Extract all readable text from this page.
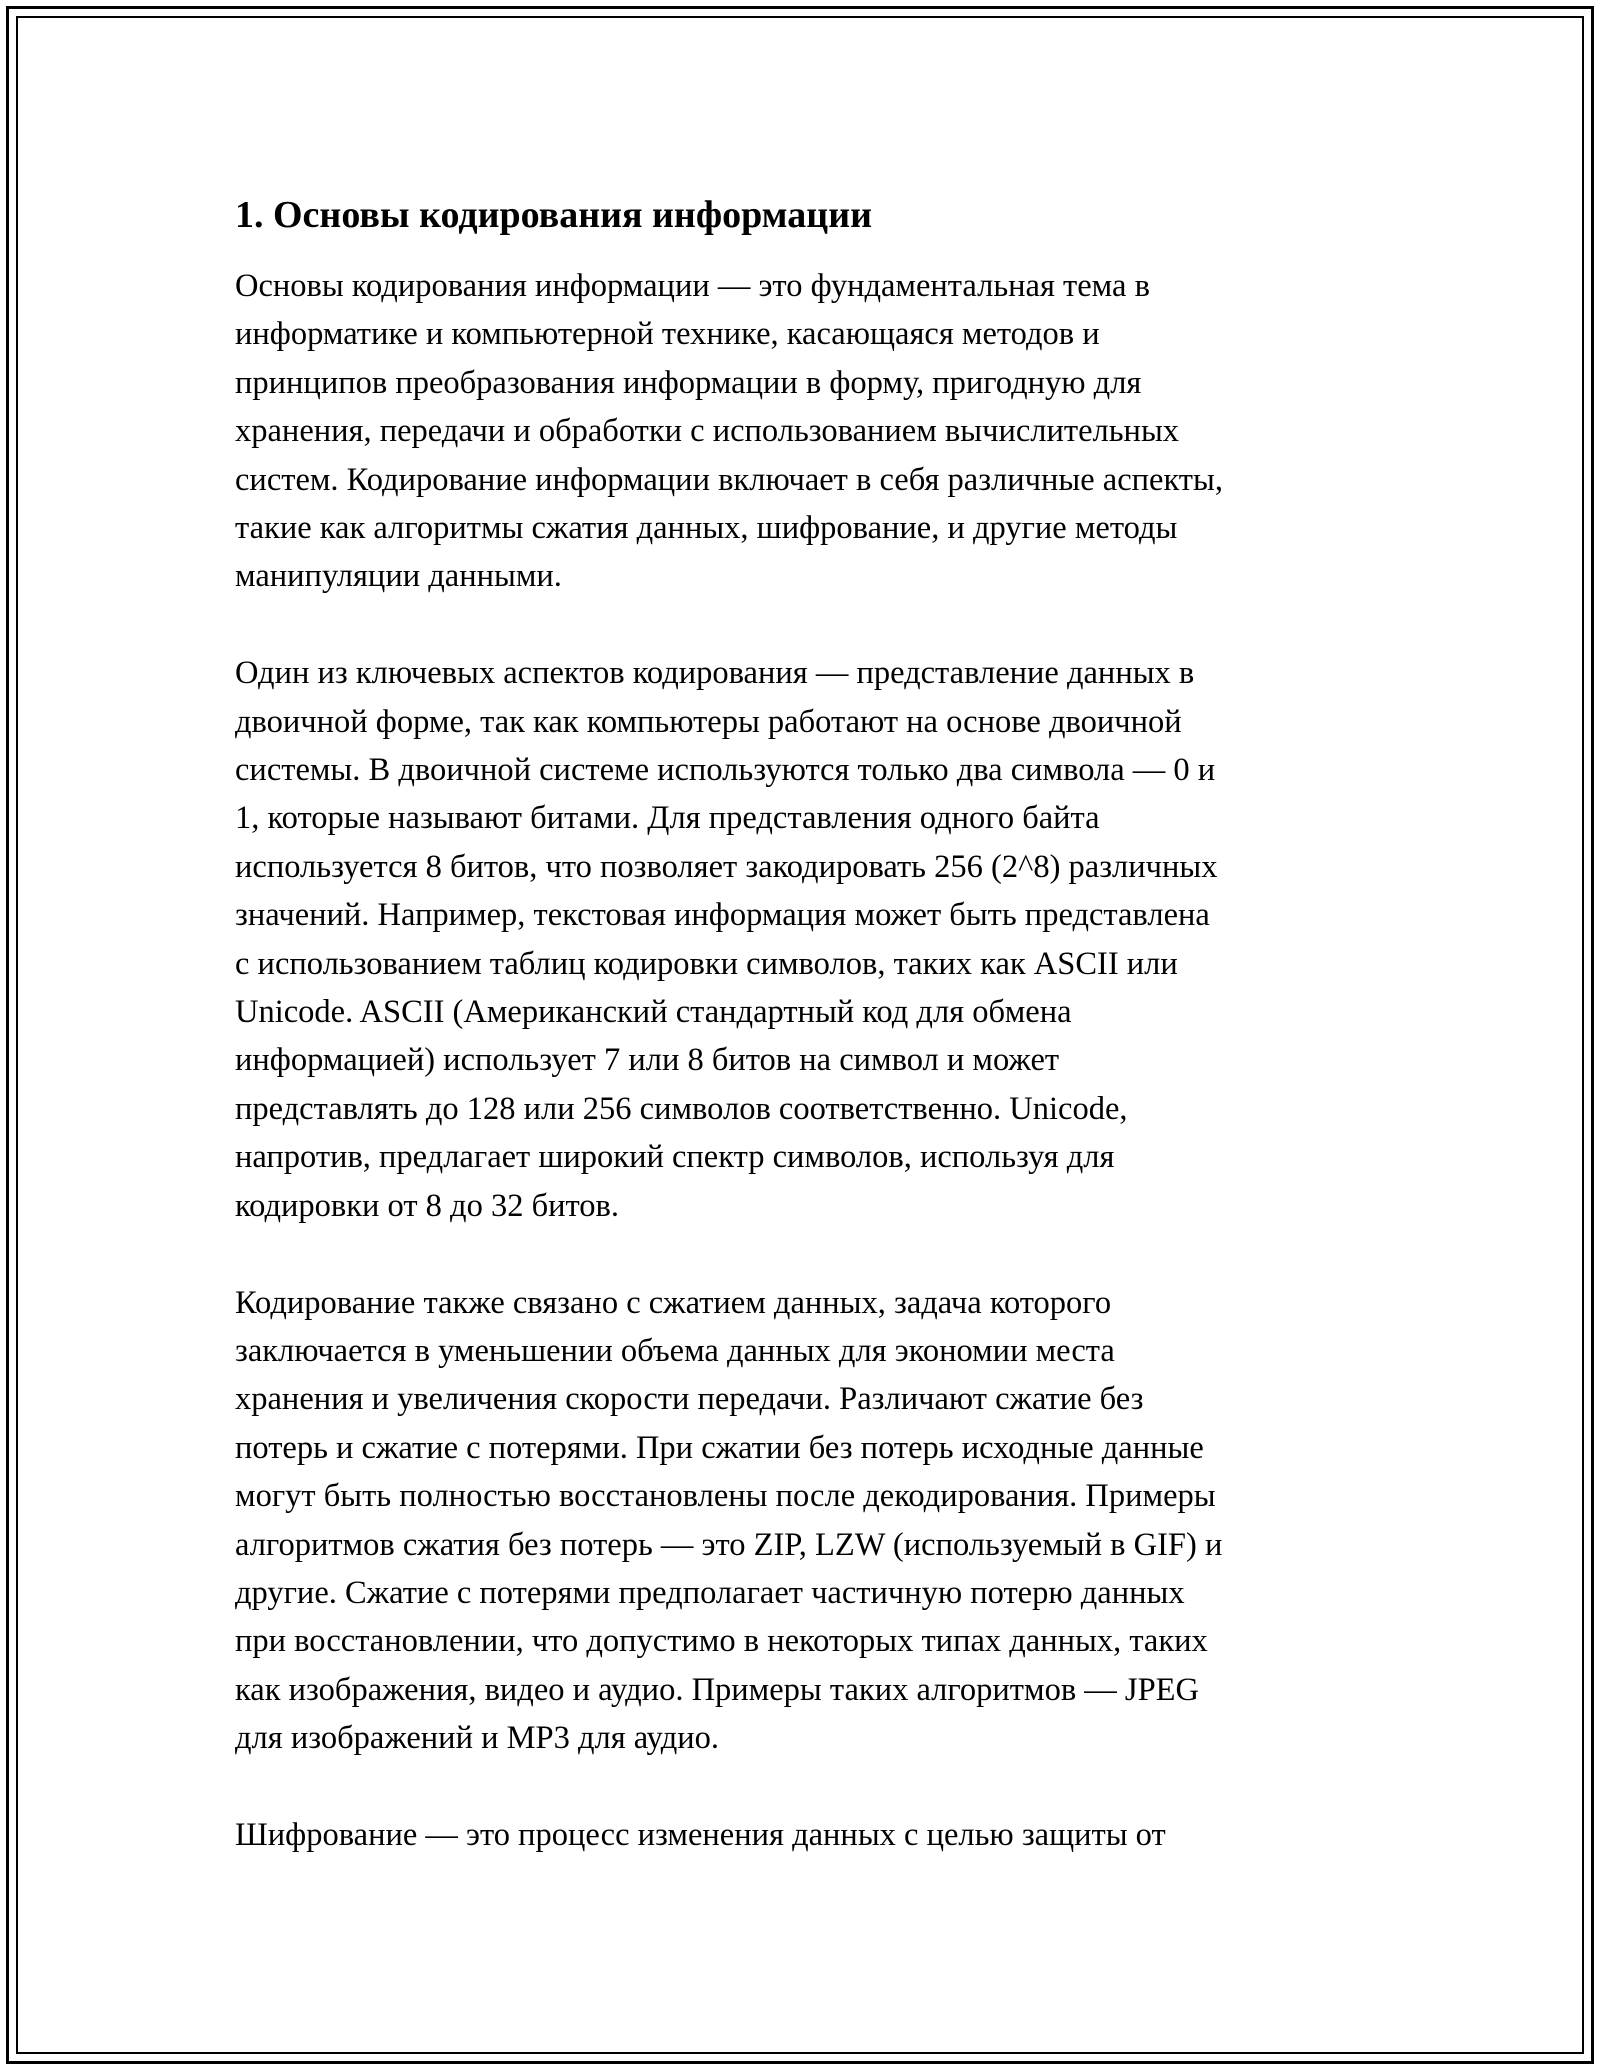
1. Основы кодирования информации

Основы кодирования информации — это фундаментальная тема в
информатике и компьютерной технике, касающаяся методов и
принципов преобразования информации в форму, пригодную для
хранения, передачи и обработки с использованием вычислительных
систем. Кодирование информации включает в себя различные аспекты,
такие как алгоритмы сжатия данных, шифрование, и другие методы
манипуляции данными.

Один из ключевых аспектов кодирования — представление данных в
двоичной форме, так как компьютеры работают на основе двоичной
системы. В двоичной системе используются только два символа — 0 и
1, которые называют битами. Для представления одного байта
используется 8 битов, что позволяет закодировать 256 (2^8) различных
значений. Например, текстовая информация может быть представлена
с использованием таблиц кодировки символов, таких как ASCII или
Unicode. ASCII (Американский стандартный код для обмена
информацией) использует 7 или 8 битов на символ и может
представлять до 128 или 256 символов соответственно. Unicode,
напротив, предлагает широкий спектр символов, используя для
кодировки от 8 до 32 битов.

Кодирование также связано с сжатием данных, задача которого
заключается в уменьшении объема данных для экономии места
хранения и увеличения скорости передачи. Различают сжатие без
потерь и сжатие с потерями. При сжатии без потерь исходные данные
могут быть полностью восстановлены после декодирования. Примеры
алгоритмов сжатия без потерь — это ZIP, LZW (используемый в GIF) и
другие. Сжатие с потерями предполагает частичную потерю данных
при восстановлении, что допустимо в некоторых типах данных, таких
как изображения, видео и аудио. Примеры таких алгоритмов — JPEG
для изображений и MP3 для аудио.

Шифрование — это процесс изменения данных с целью защиты от
